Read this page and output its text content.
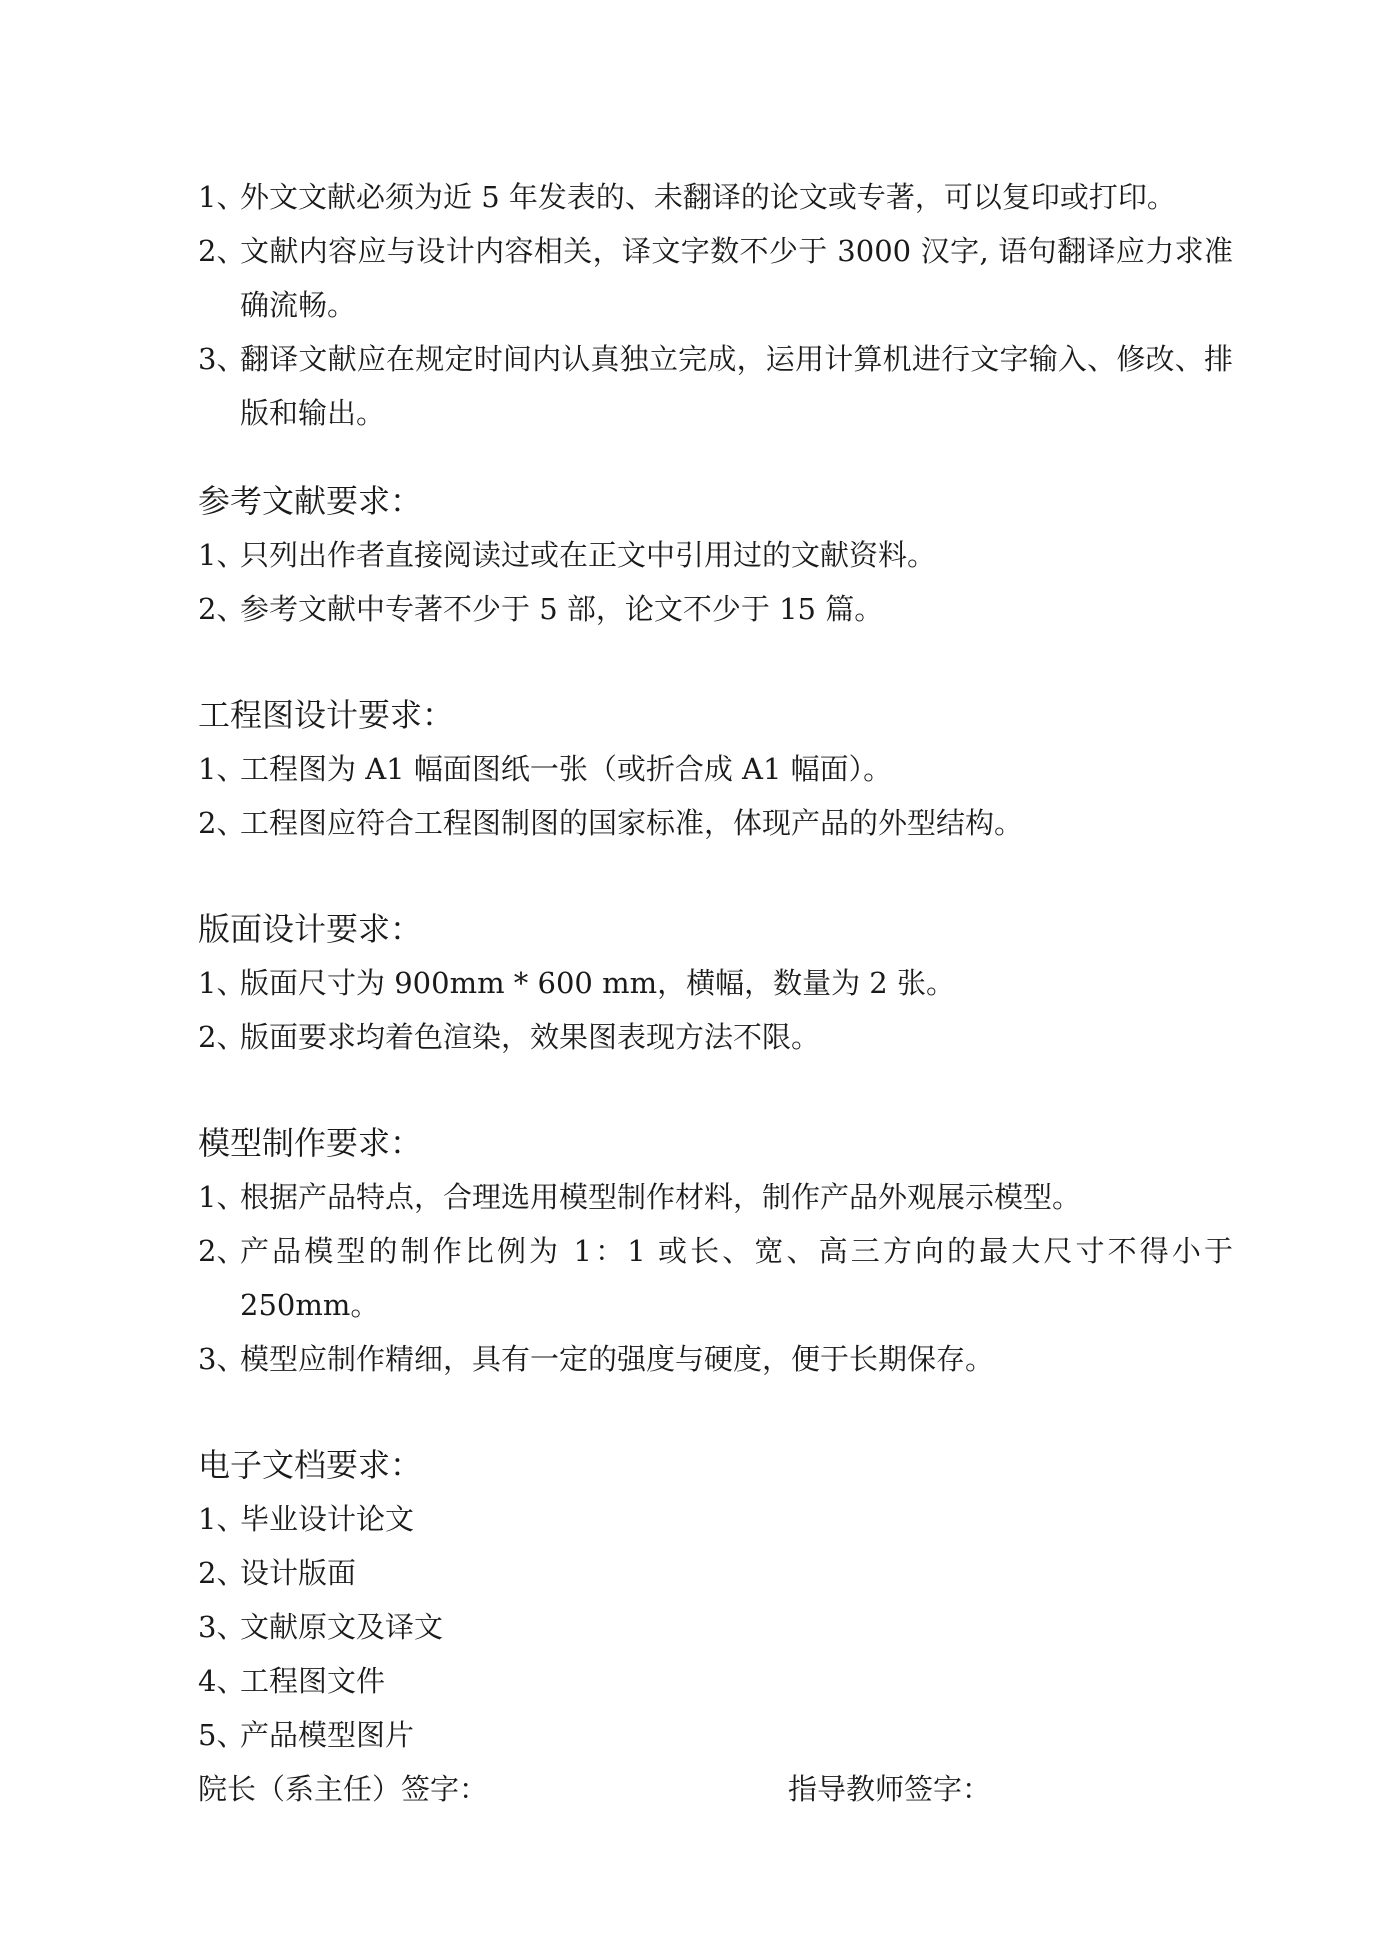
1、
外文文献必须为近 5 年发表的、未翻译的论文或专著，可以复印或打印。
2、
文献内容应与设计内容相关，译文字数不少于 3000 汉字, 语句翻译应力求准确流畅。
3、
翻译文献应在规定时间内认真独立完成，运用计算机进行文字输入、修改、排版和输出。
参考文献要求：
1、
只列出作者直接阅读过或在正文中引用过的文献资料。
2、
参考文献中专著不少于 5 部，论文不少于 15 篇。
工程图设计要求：
1、
工程图为 A1 幅面图纸一张（或折合成 A1 幅面）。
2、
工程图应符合工程图制图的国家标准，体现产品的外型结构。
版面设计要求：
1、
版面尺寸为 900mm * 600 mm，横幅，数量为 2 张。
2、
版面要求均着色渲染，效果图表现方法不限。
模型制作要求：
1、
根据产品特点，合理选用模型制作材料，制作产品外观展示模型。
2、
产品模型的制作比例为 1：1 或长、宽、高三方向的最大尺寸不得小于 250mm。
3、
模型应制作精细，具有一定的强度与硬度，便于长期保存。
电子文档要求：
1、
毕业设计论文
2、
设计版面
3、
文献原文及译文
4、
工程图文件
5、
产品模型图片
院长（系主任）签字：	指导教师签字：
